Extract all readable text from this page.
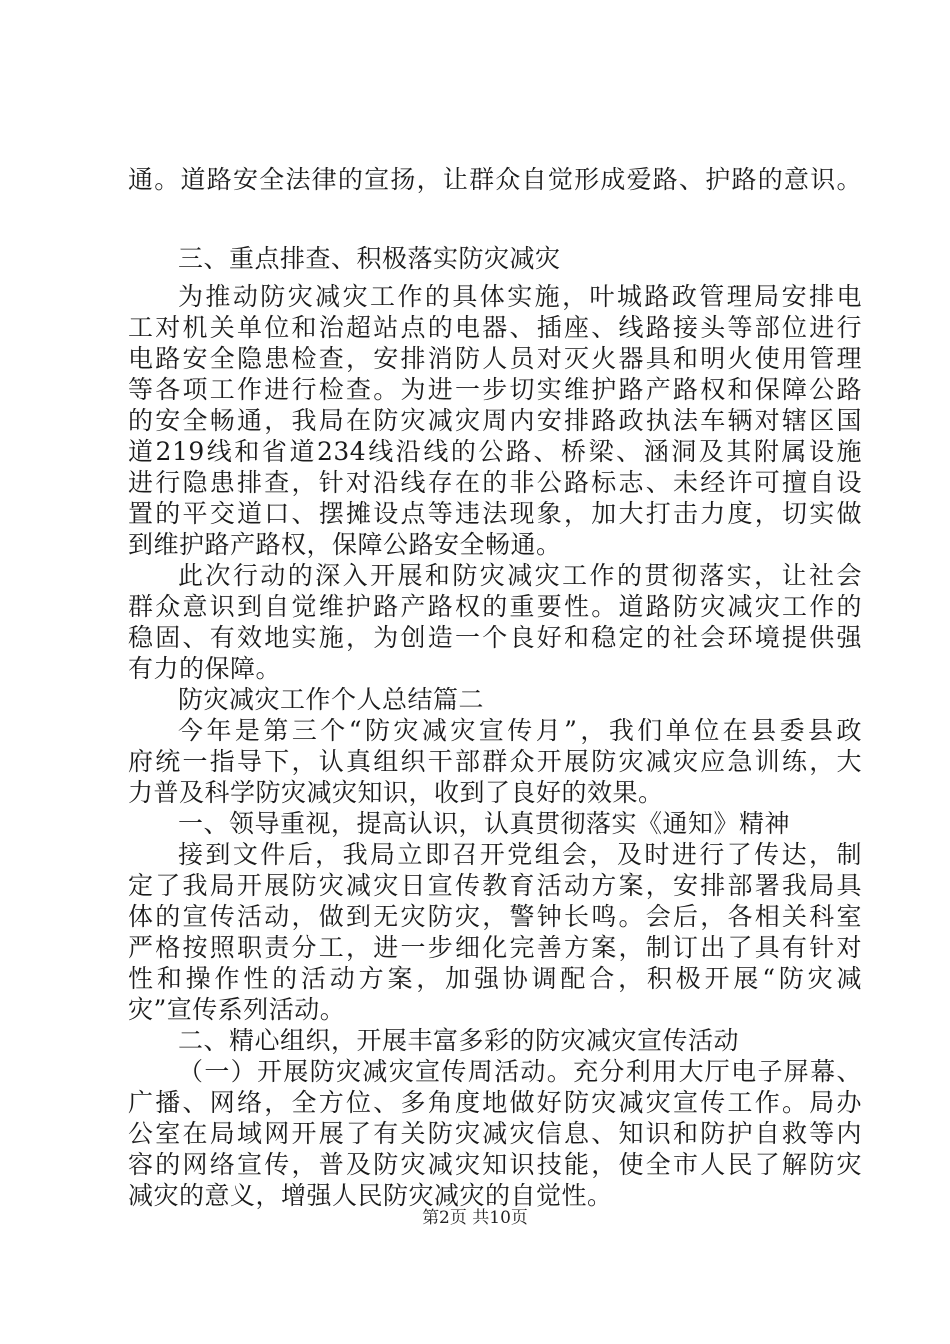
通。道路安全法律的宣扬，让群众自觉形成爱路、护路的意识。
三、重点排查、积极落实防灾减灾
为推动防灾减灾工作的具体实施，叶城路政管理局安排电
工对机关单位和治超站点的电器、插座、线路接头等部位进行
电路安全隐患检查，安排消防人员对灭火器具和明火使用管理
等各项工作进行检查。为进一步切实维护路产路权和保障公路
的安全畅通，我局在防灾减灾周内安排路政执法车辆对辖区国
道219线和省道234线沿线的公路、桥梁、涵洞及其附属设施
进行隐患排查，针对沿线存在的非公路标志、未经许可擅自设
置的平交道口、摆摊设点等违法现象，加大打击力度，切实做
到维护路产路权，保障公路安全畅通。
此次行动的深入开展和防灾减灾工作的贯彻落实，让社会
群众意识到自觉维护路产路权的重要性。道路防灾减灾工作的
稳固、有效地实施，为创造一个良好和稳定的社会环境提供强
有力的保障。
防灾减灾工作个人总结篇二
今年是第三个“防灾减灾宣传月”，我们单位在县委县政
府统一指导下，认真组织干部群众开展防灾减灾应急训练，大
力普及科学防灾减灾知识，收到了良好的效果。
一、领导重视，提高认识，认真贯彻落实《通知》精神
接到文件后，我局立即召开党组会，及时进行了传达，制
定了我局开展防灾减灾日宣传教育活动方案，安排部署我局具
体的宣传活动，做到无灾防灾，警钟长鸣。会后，各相关科室
严格按照职责分工，进一步细化完善方案，制订出了具有针对
性和操作性的活动方案，加强协调配合，积极开展“防灾减
灾”宣传系列活动。
二、精心组织，开展丰富多彩的防灾减灾宣传活动
（一）开展防灾减灾宣传周活动。充分利用大厅电子屏幕、
广播、网络，全方位、多角度地做好防灾减灾宣传工作。局办
公室在局域网开展了有关防灾减灾信息、知识和防护自救等内
容的网络宣传，普及防灾减灾知识技能，使全市人民了解防灾
减灾的意义，增强人民防灾减灾的自觉性。
第2页 共10页
